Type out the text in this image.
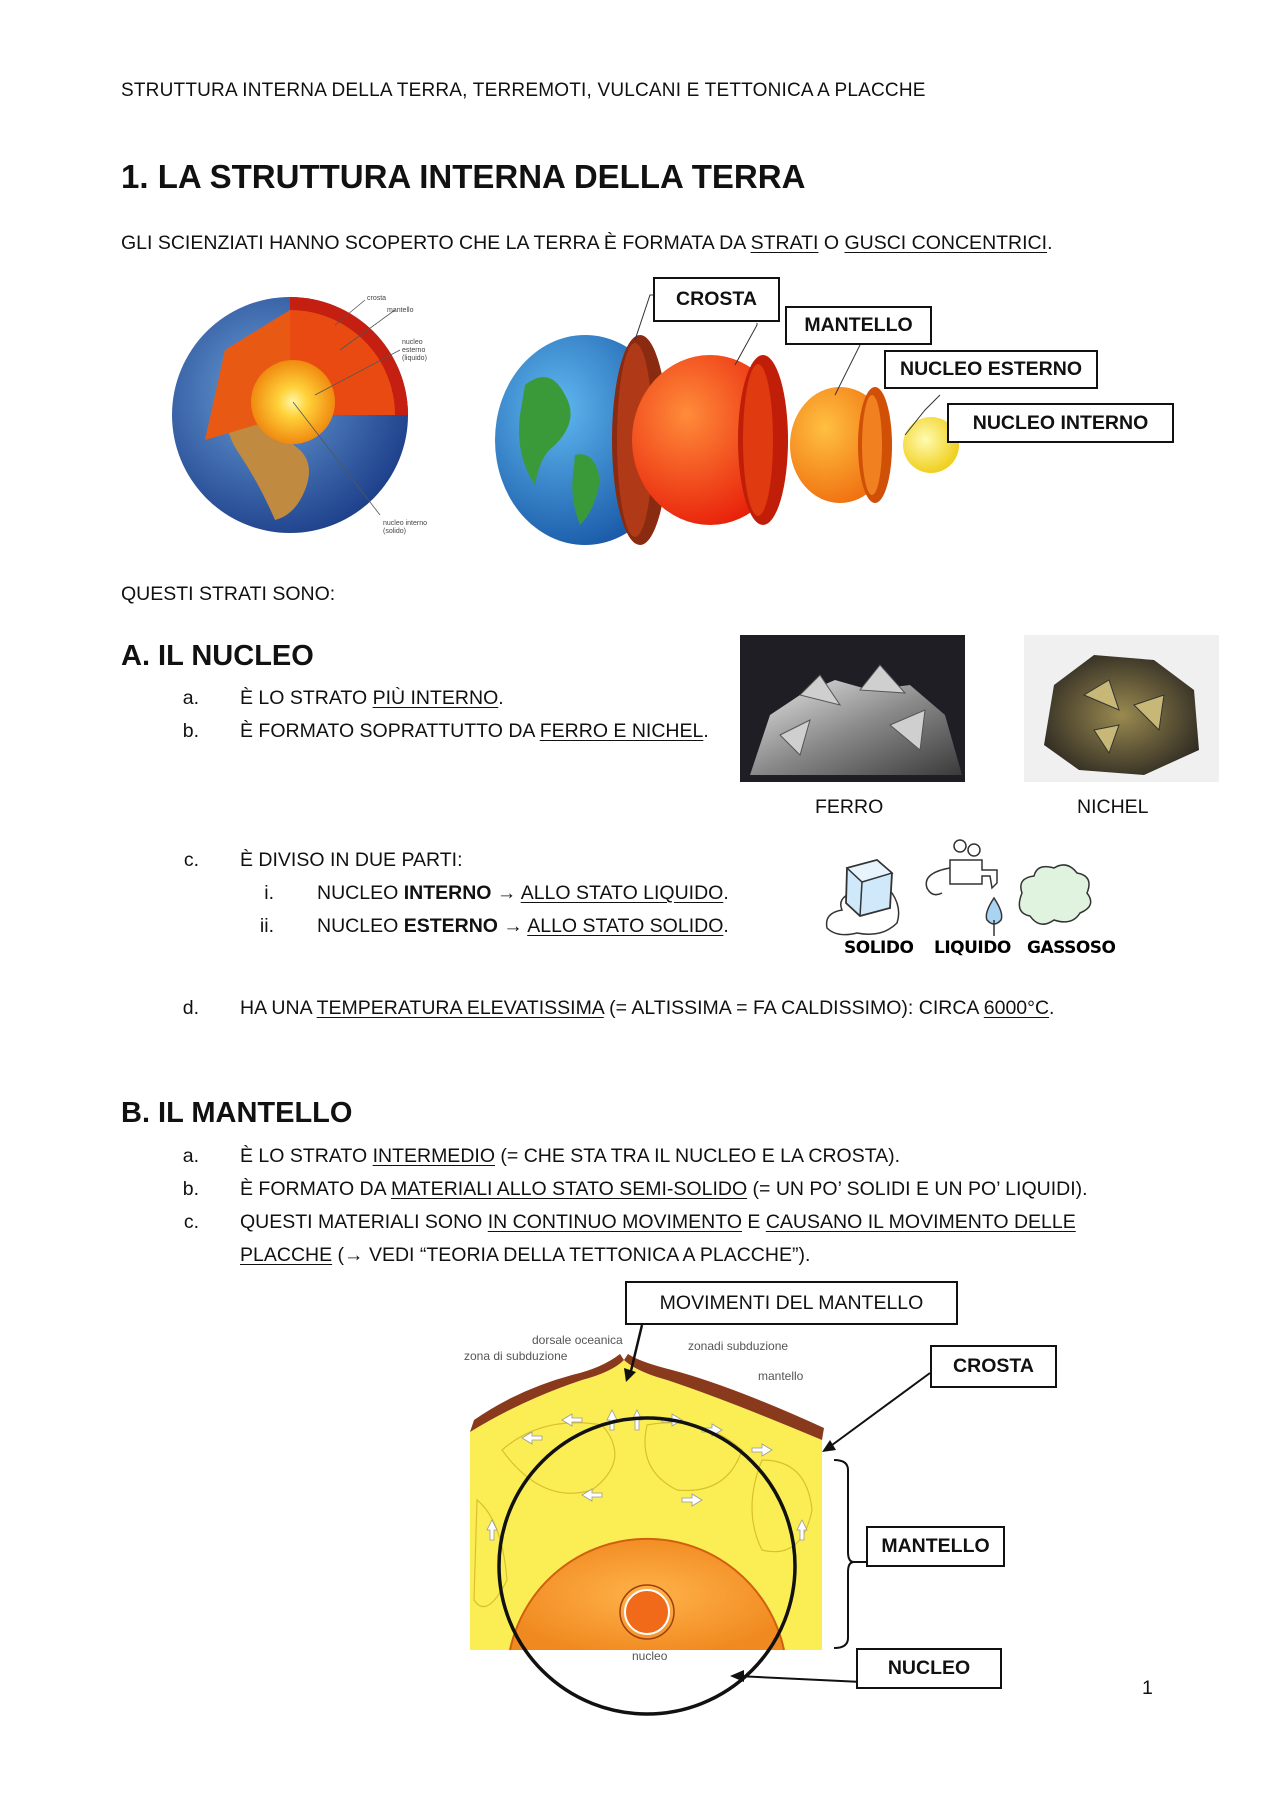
STRUTTURA INTERNA DELLA TERRA, TERREMOTI, VULCANI E TETTONICA A PLACCHE
1. LA STRUTTURA INTERNA DELLA TERRA
GLI SCIENZIATI HANNO SCOPERTO CHE LA TERRA È FORMATA DA STRATI O GUSCI CONCENTRICI.
crosta
mantello
nucleo
esterno
(liquido)
nucleo interno
(solido)
CROSTA
MANTELLO
NUCLEO ESTERNO
NUCLEO INTERNO
QUESTI STRATI SONO:
A. IL NUCLEO
a. È LO STRATO PIÙ INTERNO.
b. È FORMATO SOPRATTUTTO DA FERRO E NICHEL.
FERRO	NICHEL
c. È DIVISO IN DUE PARTI:
i. NUCLEO INTERNO → ALLO STATO LIQUIDO.
ii. NUCLEO ESTERNO → ALLO STATO SOLIDO.
SOLIDO LIQUIDO GASSOSO
d. HA UNA TEMPERATURA ELEVATISSIMA (= ALTISSIMA = FA CALDISSIMO): CIRCA 6000°C.
B. IL MANTELLO
a. È LO STRATO INTERMEDIO (= CHE STA TRA IL NUCLEO E LA CROSTA).
b. È FORMATO DA MATERIALI ALLO STATO SEMI-SOLIDO (= UN PO’ SOLIDI E UN PO’ LIQUIDI).
c. QUESTI MATERIALI SONO IN CONTINUO MOVIMENTO E CAUSANO IL MOVIMENTO DELLE
PLACCHE (→ VEDI “TEORIA DELLA TETTONICA A PLACCHE”).
dorsale oceanica
zona di subduzione
zonadi subduzione
mantello
nucleo
MOVIMENTI DEL MANTELLO
CROSTA
MANTELLO
NUCLEO
1
